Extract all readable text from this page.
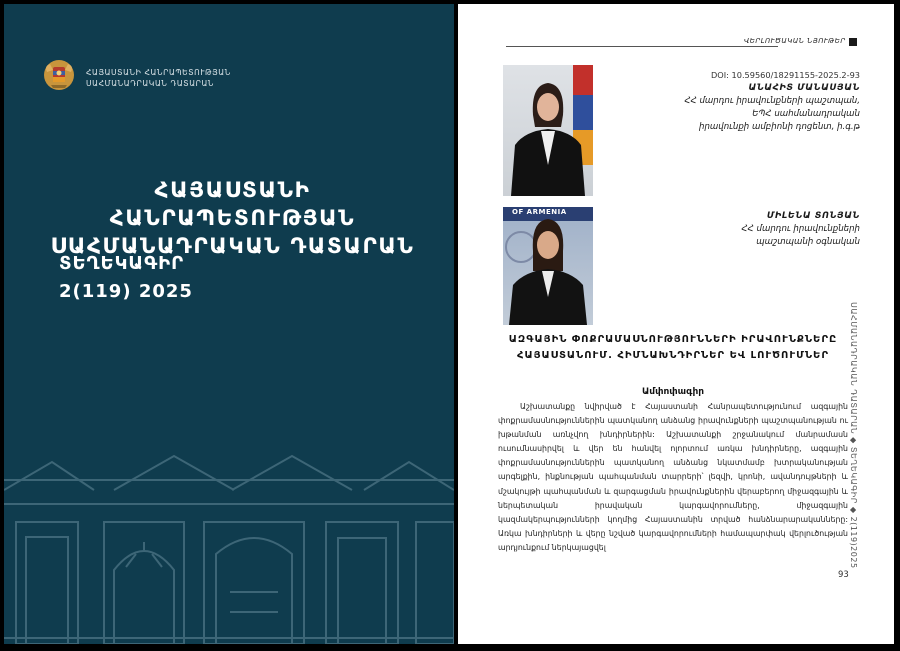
ՀԱՅԱՍՏԱՆԻ ՀԱՆՐԱՊԵՏՈՒԹՅԱՆ
ՍԱՀՄԱՆԱԴՐԱԿԱՆ ԴԱՏԱՐԱՆ
ՀԱՅԱՍՏԱՆԻ ՀԱՆՐԱՊԵՏՈՒԹՅԱՆ
ՍԱՀՄԱՆԱԴՐԱԿԱՆ ԴԱՏԱՐԱՆ
ՏԵՂԵԿԱԳԻՐ
2(119) 2025
ՎԵՐԼՈՒԾԱԿԱՆ ՆՅՈՒԹԵՐ
OF ARMENIA
DOI: 10.59560/18291155-2025.2-93
ԱՆԱՀԻՏ ՄԱՆԱՍՅԱՆ
ՀՀ մարդու իրավունքների պաշտպան,
ԵՊՀ սահմանադրական
իրավունքի ամբիոնի դոցենտ, ի.գ.թ
ՄԻԼԵՆԱ ՏՈՆՅԱՆ
ՀՀ մարդու իրավունքների
պաշտպանի օգնական
ԱԶԳԱՅԻՆ ՓՈՔՐԱՄԱՍՆՈՒԹՅՈՒՆՆԵՐԻ ԻՐԱՎՈՒՆՔՆԵՐԸ
ՀԱՅԱՍՏԱՆՈՒՄ. ՀԻՄՆԱԽՆԴԻՐՆԵՐ ԵՎ ԼՈՒԾՈՒՄՆԵՐ
Ամփոփագիր
Աշխատանքը նվիրված է Հայաստանի Հանրապետությունում ազգային փոքրամասնություններին պատկանող անձանց իրավունքների պաշտպանության ու խթանման առնչվող խնդիրներին: Աշխատանքի շրջանակում մանրամասն ուսումնասիրվել և վեր են հանվել ոլորտում առկա խնդիրները, ազգային փոքրամասնություններին պատկանող անձանց նկատմամբ խտրականության արգելքին, ինքնության պահպանման տարրերի՝ լեզվի, կրոնի, ավանդույթների և մշակույթի պահպանման և զարգացման իրավունքներին վերաբերող միջազգային և ներպետական իրավական կարգավորումները, միջազգային կազմակերպությունների կողմից Հայաստանին տրված հանձնարարականները: Առկա խնդիրների և վերը նշված կարգավորումների համապարփակ վերլուծության արդյունքում ներկայացվել	ՍԱՀՄԱՆԱԴՐԱԿԱՆ ԴԱՏԱՐԱՆ ◆ ՏԵՂԵԿԱԳԻՐ ◆ 2(119)2025
93
